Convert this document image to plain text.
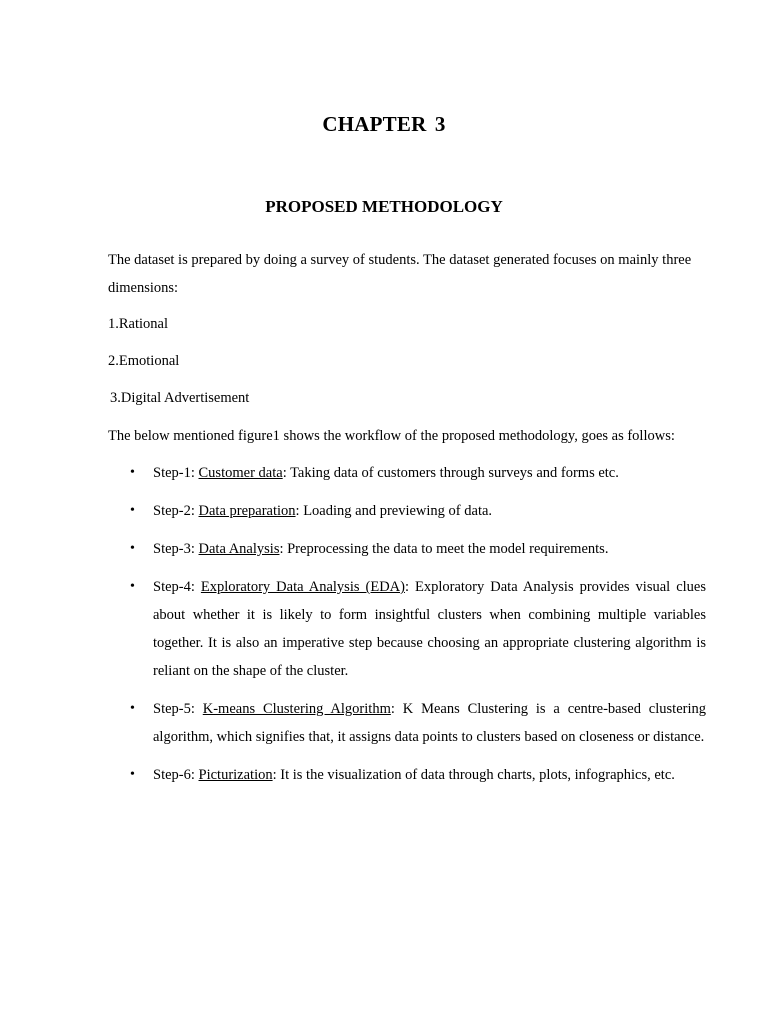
CHAPTER 3
PROPOSED METHODOLOGY

The dataset is prepared by doing a survey of students. The dataset generated focuses on mainly three dimensions:

1.Rational

2.Emotional

3.Digital Advertisement

The below mentioned figure1 shows the workflow of the proposed methodology, goes as follows:

• Step-1: Customer data: Taking data of customers through surveys and forms etc.
• Step-2: Data preparation: Loading and previewing of data.
• Step-3: Data Analysis: Preprocessing the data to meet the model requirements.
• Step-4: Exploratory Data Analysis (EDA): Exploratory Data Analysis provides visual clues about whether it is likely to form insightful clusters when combining multiple variables together. It is also an imperative step because choosing an appropriate clustering algorithm is reliant on the shape of the cluster.
• Step-5: K-means Clustering Algorithm: K Means Clustering is a centre-based clustering algorithm, which signifies that, it assigns data points to clusters based on closeness or distance.
• Step-6: Picturization: It is the visualization of data through charts, plots, infographics, etc.
